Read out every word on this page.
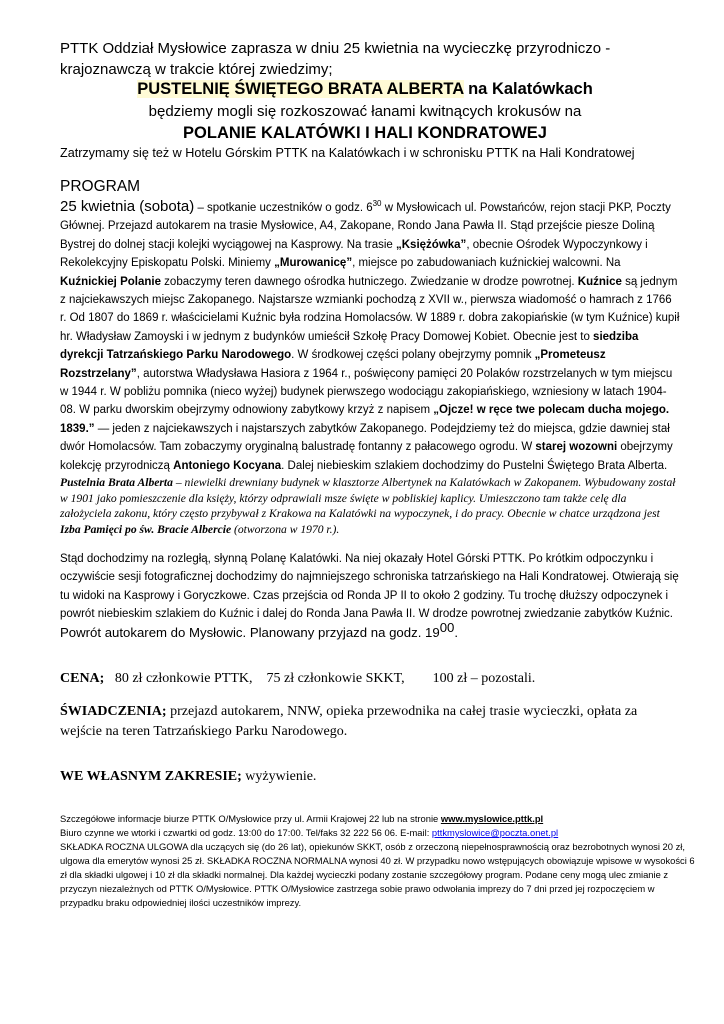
PTTK Oddział Mysłowice zaprasza w dniu 25 kwietnia na wycieczkę przyrodniczo - krajoznawczą w trakcie której zwiedzimy;

PUSTELNIĘ ŚWIĘTEGO BRATA ALBERTA na Kalatówkach

będziemy mogli się rozkoszować łanami kwitnących krokusów na

POLANIE KALATÓWKI I HALI KONDRATOWEJ

Zatrzymamy się też w Hotelu Górskim PTTK na Kalatówkach i w schronisku PTTK na Hali Kondratowej

PROGRAM

25 kwietnia (sobota) – spotkanie uczestników o godz. $6^{30}$ w Mysłowicach ul. Powstańców, rejon stacji PKP, Poczty Głównej. Przejazd autokarem na trasie Mysłowice, A4, Zakopane, Rondo Jana Pawła II. Stąd przejście piesze Doliną Bystrej do dolnej stacji kolejki wyciągowej na Kasprowy. Na trasie „Księżówka”, obecnie Ośrodek Wypoczynkowy i Rekolekcyjny Episkopatu Polski. Miniemy „Murowanicę”, miejsce po zabudowaniach kuźnickiej walcowni. Na Kuźnickiej Polanie zobaczymy teren dawnego ośrodka hutniczego. Zwiedzanie w drodze powrotnej. Kuźnice są jednym z najciekawszych miejsc Zakopanego. Najstarsze wzmianki pochodzą z XVII w., pierwsza wiadomość o hamrach z 1766 r. Od 1807 do 1869 r. właścicielami Kuźnic była rodzina Homolacsów. W 1889 r. dobra zakopiańskie (w tym Kuźnice) kupił hr. Władysław Zamoyski i w jednym z budynków umieścił Szkołę Pracy Domowej Kobiet. Obecnie jest to siedziba dyrekcji Tatrzańskiego Parku Narodowego. W środkowej części polany obejrzymy pomnik „Prometeusz Rozstrzelany”, autorstwa Władysława Hasiora z 1964 r., poświęcony pamięci 20 Polaków rozstrzelanych w tym miejscu w 1944 r. W pobliżu pomnika (nieco wyżej) budynek pierwszego wodociągu zakopiańskiego, wzniesiony w latach 1904-08. W parku dworskim obejrzymy odnowiony zabytkowy krzyż z napisem „Ojcze! w ręce twe polecam ducha mojego. 1839.” — jeden z najciekawszych i najstarszych zabytków Zakopanego. Podejdziemy też do miejsca, gdzie dawniej stał dwór Homolacsów. Tam zobaczymy oryginalną balustradę fontanny z pałacowego ogrodu. W starej wozowni obejrzymy kolekcję przyrodniczą Antoniego Kocyana. Dalej niebieskim szlakiem dochodzimy do Pustelni Świętego Brata Alberta.

Pustelnia Brata Alberta – niewielki drewniany budynek w klasztorze Albertynek na Kalatówkach w Zakopanem. Wybudowany został w 1901 jako pomieszczenie dla księży, którzy odprawiali msze święte w pobliskiej kaplicy. Umieszczono tam także celę dla założyciela zakonu, który często przybywał z Krakowa na Kalatówki na wypoczynek, i do pracy. Obecnie w chatce urządzona jest Izba Pamięci po św. Bracie Albercie (otworzona w 1970 r.).

Stąd dochodzimy na rozległą, słynną Polanę Kalatówki. Na niej okazały Hotel Górski PTTK. Po krótkim odpoczynku i oczywiście sesji fotograficznej dochodzimy do najmniejszego schroniska tatrzańskiego na Hali Kondratowej. Otwierają się tu widoki na Kasprowy i Goryczkowe. Czas przejścia od Ronda JP II to około 2 godziny. Tu trochę dłuższy odpoczynek i powrót niebieskim szlakiem do Kuźnic i dalej do Ronda Jana Pawła II. W drodze powrotnej zwiedzanie zabytków Kuźnic. Powrót autokarem do Mysłowic. Planowany przyjazd na godz. $19^{00}$.

CENA;   80 zł członkowie PTTK,    75 zł członkowie SKKT,        100 zł – pozostali.

ŚWIADCZENIA; przejazd autokarem, NNW, opieka przewodnika na całej trasie wycieczki, opłata za wejście na teren Tatrzańskiego Parku Narodowego.

WE WŁASNYM ZAKRESIE; wyżywienie.

Szczegółowe informacje biurze PTTK O/Mysłowice przy ul. Armii Krajowej 22 lub na stronie www.myslowice.pttk.pl

Biuro czynne we wtorki i czwartki od godz. 13:00 do 17:00. Tel/faks 32 222 56 06. E-mail: pttkmyslowice@poczta.onet.pl

SKŁADKA ROCZNA ULGOWA dla uczących się (do 26 lat), opiekunów SKKT, osób z orzeczoną niepełnosprawnością oraz bezrobotnych wynosi 20 zł, ulgowa dla emerytów wynosi 25 zł. SKŁADKA ROCZNA NORMALNA wynosi 40 zł. W przypadku nowo wstępujących obowiązuje wpisowe w wysokości 6 zł dla składki ulgowej i 10 zł dla składki normalnej. Dla każdej wycieczki podany zostanie szczegółowy program. Podane ceny mogą ulec zmianie z przyczyn niezależnych od PTTK O/Mysłowice. PTTK O/Mysłowice zastrzega sobie prawo odwołania imprezy do 7 dni przed jej rozpoczęciem w przypadku braku odpowiedniej ilości uczestników imprezy.
